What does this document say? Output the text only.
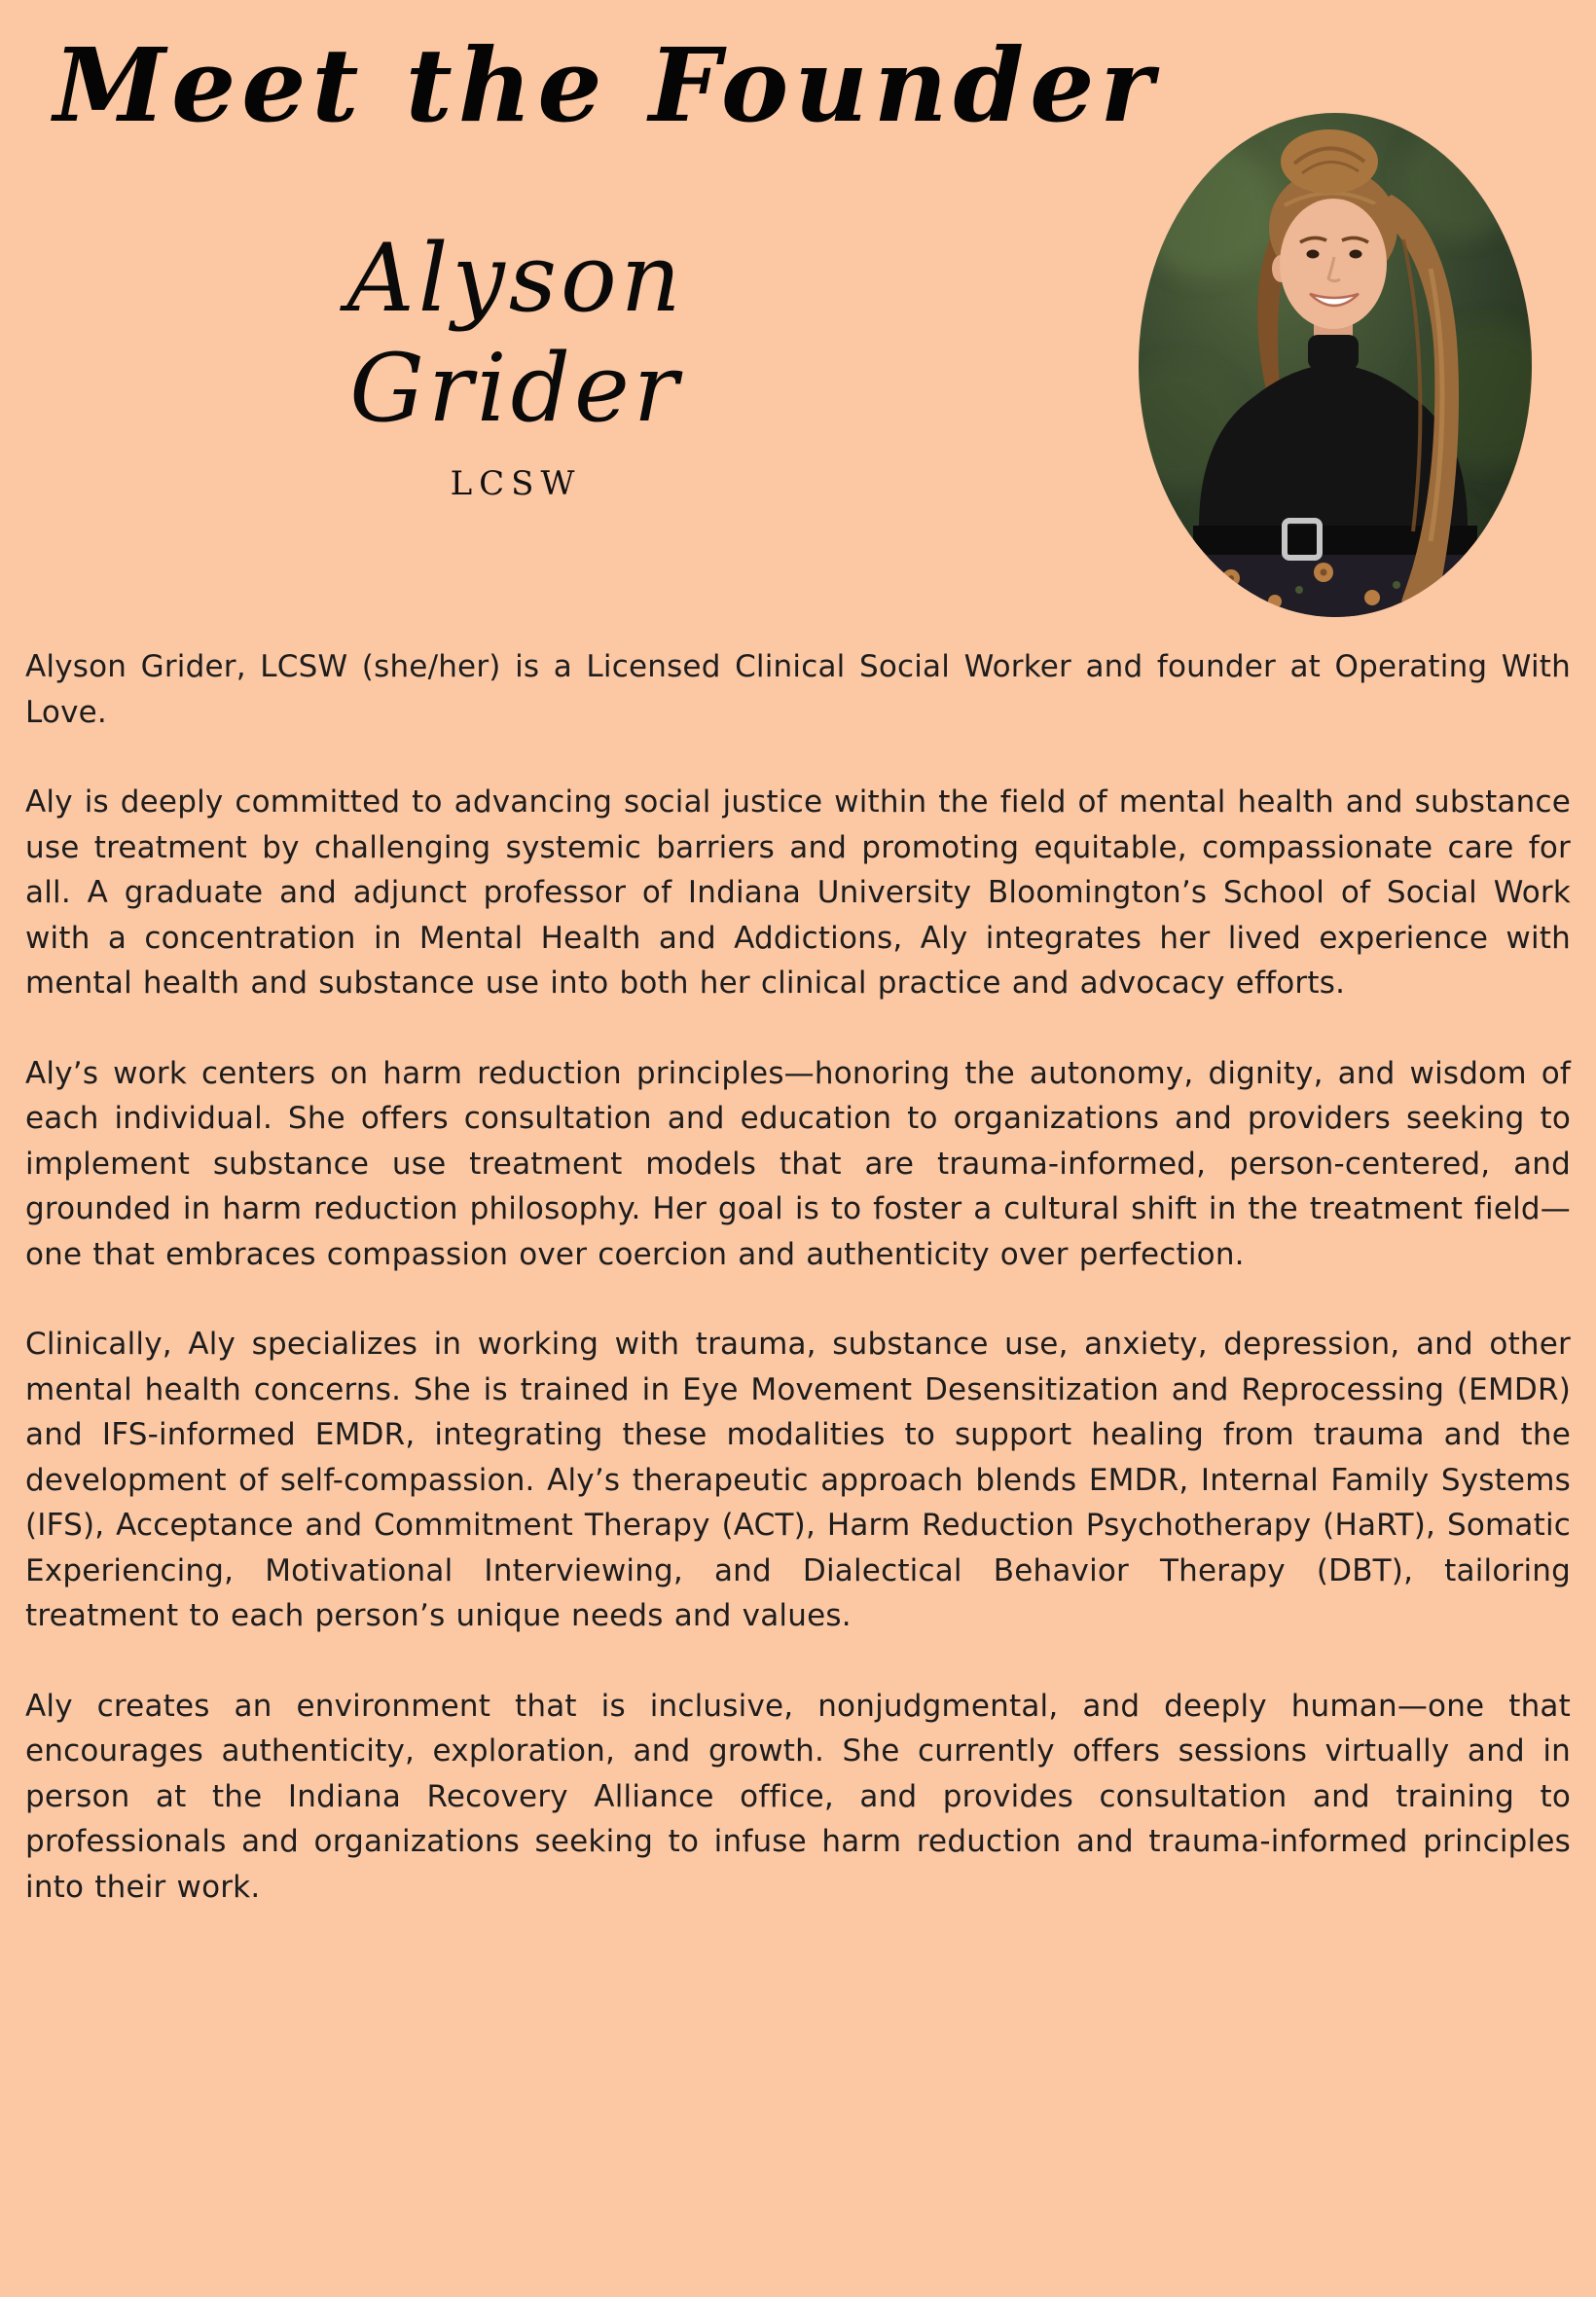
Meet the Founder
Alyson
Grider
LCSW

Alyson Grider, LCSW (she/her) is a Licensed Clinical Social Worker and founder at Operating With Love.

Aly is deeply committed to advancing social justice within the field of mental health and substance use treatment by challenging systemic barriers and promoting equitable, compassionate care for all. A graduate and adjunct professor of Indiana University Bloomington’s School of Social Work with a concentration in Mental Health and Addictions, Aly integrates her lived experience with mental health and substance use into both her clinical practice and advocacy efforts.

Aly’s work centers on harm reduction principles—honoring the autonomy, dignity, and wisdom of each individual. She offers consultation and education to organizations and providers seeking to implement substance use treatment models that are trauma-informed, person-centered, and grounded in harm reduction philosophy. Her goal is to foster a cultural shift in the treatment field—one that embraces compassion over coercion and authenticity over perfection.

Clinically, Aly specializes in working with trauma, substance use, anxiety, depression, and other mental health concerns. She is trained in Eye Movement Desensitization and Reprocessing (EMDR) and IFS-informed EMDR, integrating these modalities to support healing from trauma and the development of self-compassion. Aly’s therapeutic approach blends EMDR, Internal Family Systems (IFS), Acceptance and Commitment Therapy (ACT), Harm Reduction Psychotherapy (HaRT), Somatic Experiencing, Motivational Interviewing, and Dialectical Behavior Therapy (DBT), tailoring treatment to each person’s unique needs and values.

Aly creates an environment that is inclusive, nonjudgmental, and deeply human—one that encourages authenticity, exploration, and growth. She currently offers sessions virtually and in person at the Indiana Recovery Alliance office, and provides consultation and training to professionals and organizations seeking to infuse harm reduction and trauma-informed principles into their work.
